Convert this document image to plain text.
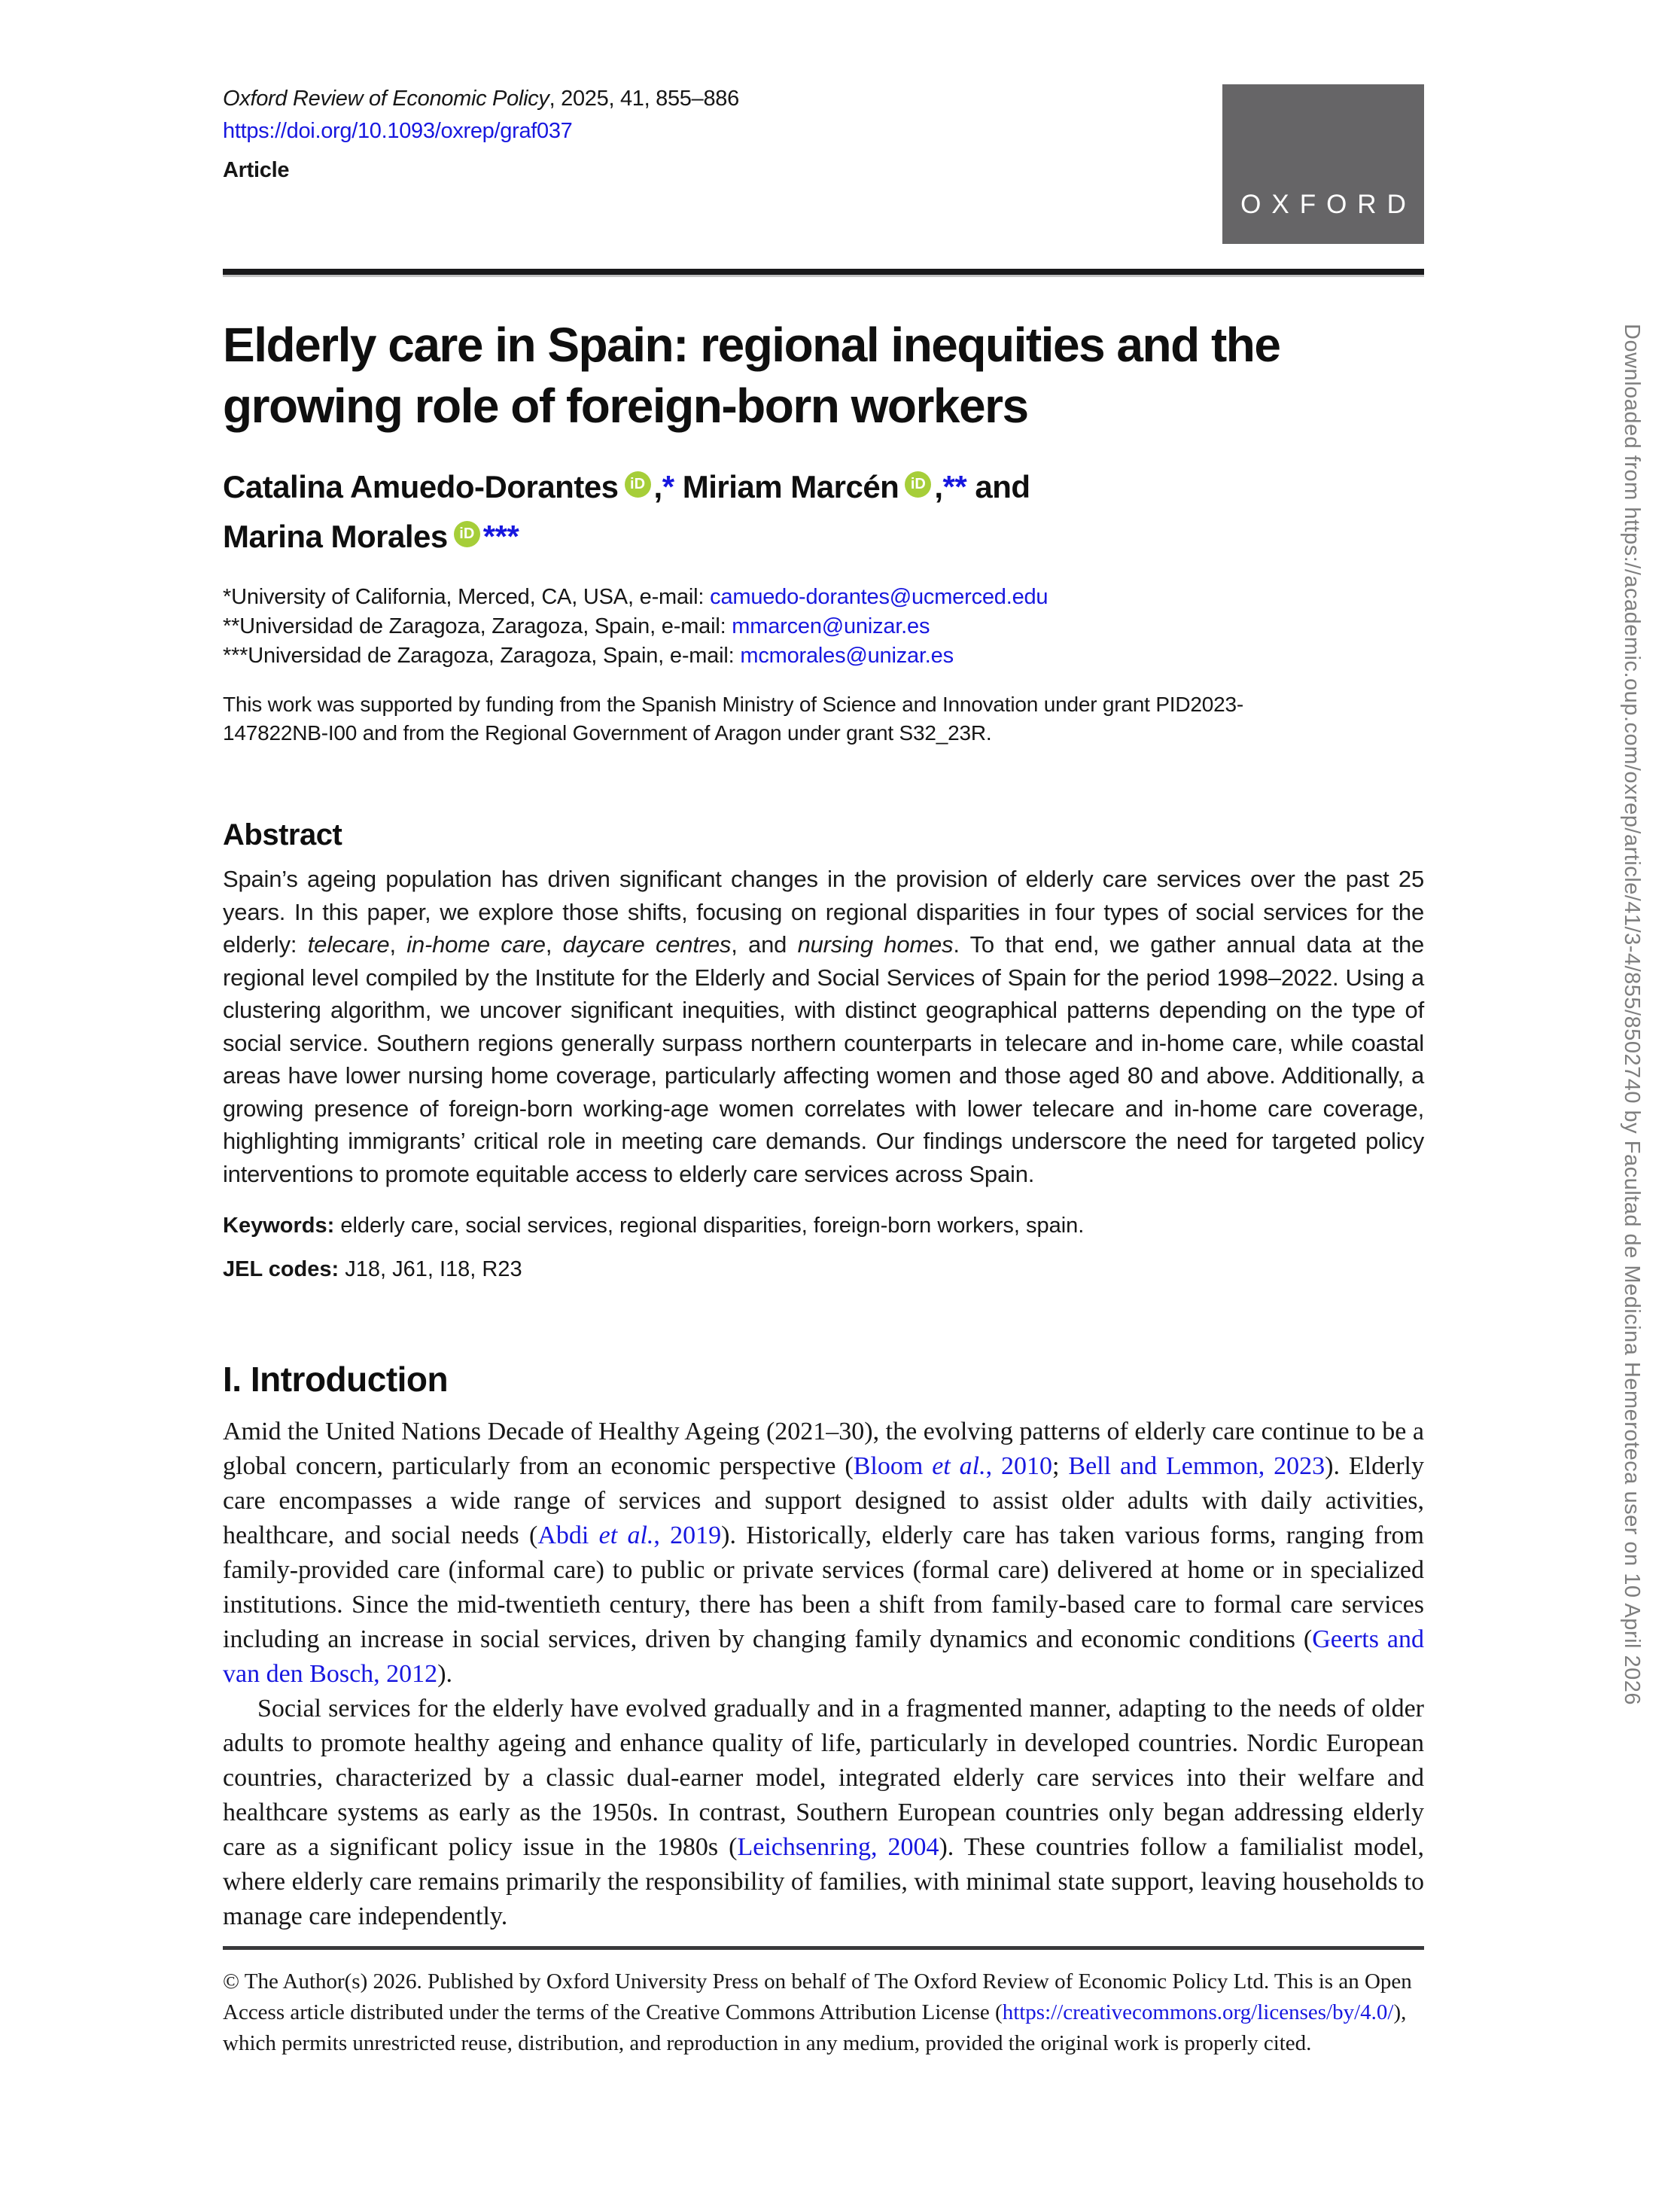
Downloaded from https://academic.oup.com/oxrep/article/41/3-4/855/8502740 by Facultad de Medicina Hemeroteca user on 10 April 2026
Oxford Review of Economic Policy, 2025, 41, 855–886
https://doi.org/10.1093/oxrep/graf037
Article
OXFORD
Elderly care in Spain: regional inequities and the growing role of foreign-born workers
Catalina Amuedo-Dorantes iD ,* Miriam Marcén iD ,** and
Marina Morales iD ***
*University of California, Merced, CA, USA, e-mail: camuedo-dorantes@ucmerced.edu
**Universidad de Zaragoza, Zaragoza, Spain, e-mail: mmarcen@unizar.es
***Universidad de Zaragoza, Zaragoza, Spain, e-mail: mcmorales@unizar.es

This work was supported by funding from the Spanish Ministry of Science and Innovation under grant PID2023-147822NB-I00 and from the Regional Government of Aragon under grant S32_23R.

Abstract

Spain’s ageing population has driven significant changes in the provision of elderly care services over the past 25 years. In this paper, we explore those shifts, focusing on regional disparities in four types of social services for the elderly: telecare, in-home care, daycare centres, and nursing homes. To that end, we gather annual data at the regional level compiled by the Institute for the Elderly and Social Services of Spain for the period 1998–2022. Using a clustering algorithm, we uncover significant inequities, with distinct geographical patterns depending on the type of social service. Southern regions generally surpass northern counterparts in telecare and in-home care, while coastal areas have lower nursing home coverage, particularly affecting women and those aged 80 and above. Additionally, a growing presence of foreign-born working-age women correlates with lower telecare and in-home care coverage, highlighting immigrants’ critical role in meeting care demands. Our findings underscore the need for targeted policy interventions to promote equitable access to elderly care services across Spain.

Keywords: elderly care, social services, regional disparities, foreign-born workers, spain.

JEL codes: J18, J61, I18, R23

I. Introduction

Amid the United Nations Decade of Healthy Ageing (2021–30), the evolving patterns of elderly care continue to be a global concern, particularly from an economic perspective (Bloom et al., 2010; Bell and Lemmon, 2023). Elderly care encompasses a wide range of services and support designed to assist older adults with daily activities, healthcare, and social needs (Abdi et al., 2019). Historically, elderly care has taken various forms, ranging from family-provided care (informal care) to public or private services (formal care) delivered at home or in specialized institutions. Since the mid-twentieth century, there has been a shift from family-based care to formal care services including an increase in social services, driven by changing family dynamics and economic conditions (Geerts and van den Bosch, 2012).

Social services for the elderly have evolved gradually and in a fragmented manner, adapting to the needs of older adults to promote healthy ageing and enhance quality of life, particularly in developed countries. Nordic European countries, characterized by a classic dual-earner model, integrated elderly care services into their welfare and healthcare systems as early as the 1950s. In contrast, Southern European countries only began addressing elderly care as a significant policy issue in the 1980s (Leichsenring, 2004). These countries follow a familialist model, where elderly care remains primarily the responsibility of families, with minimal state support, leaving households to manage care independently.

© The Author(s) 2026. Published by Oxford University Press on behalf of The Oxford Review of Economic Policy Ltd. This is an Open Access article distributed under the terms of the Creative Commons Attribution License (https://creativecommons.org/licenses/by/4.0/), which permits unrestricted reuse, distribution, and reproduction in any medium, provided the original work is properly cited.
